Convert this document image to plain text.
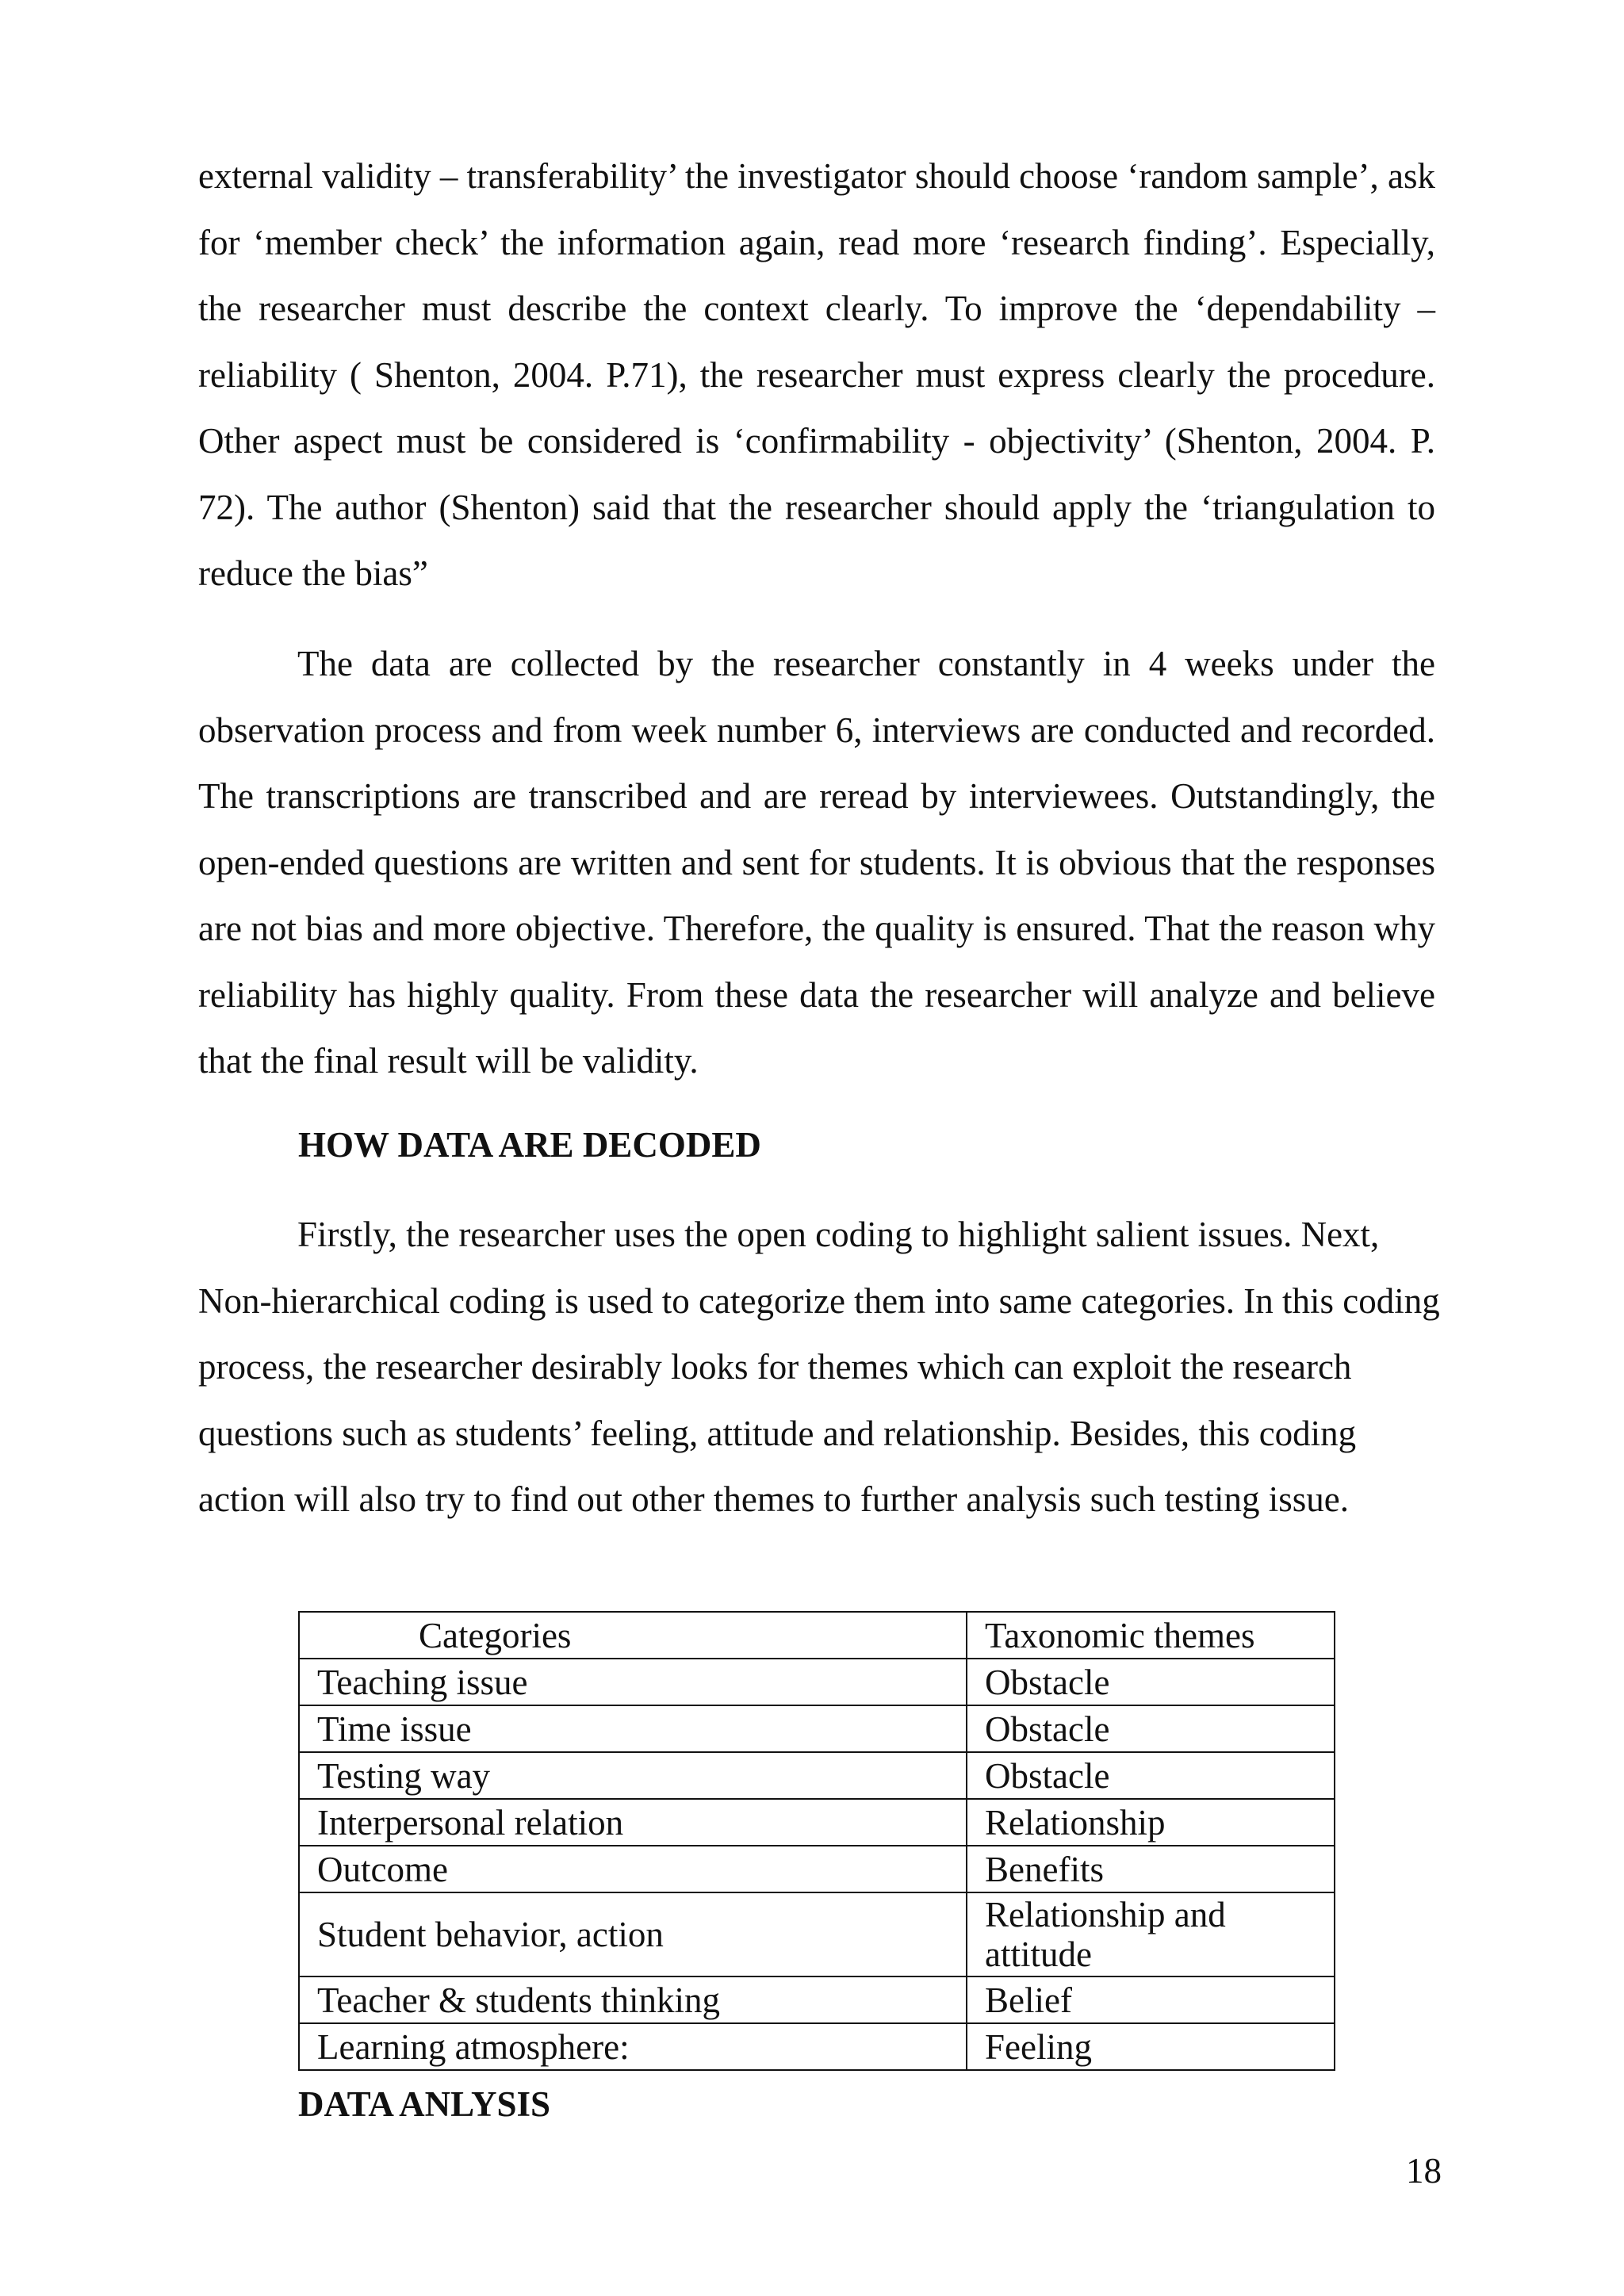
external validity – transferability’ the investigator should choose ‘random sample’, ask for ‘member check’ the information again, read more ‘research finding’. Especially, the researcher must describe the context clearly. To improve the ‘dependability –reliability ( Shenton, 2004. P.71), the researcher must express clearly the procedure. Other aspect must be considered is ‘confirmability - objectivity’ (Shenton, 2004. P. 72). The author (Shenton) said that the researcher should apply the ‘triangulation to reduce the bias”

The data are collected by the researcher constantly in 4 weeks under the observation process and from week number 6, interviews are conducted and recorded. The transcriptions are transcribed and are reread by interviewees. Outstandingly, the open-ended questions are written and sent for students. It is obvious that the responses are not bias and more objective. Therefore, the quality is ensured. That the reason why reliability has highly quality. From these data the researcher will analyze and believe that the final result will be validity.

HOW DATA ARE DECODED

Firstly, the researcher uses the open coding to highlight salient issues. Next, Non-hierarchical coding is used to categorize them into same categories. In this coding process, the researcher desirably looks for themes which can exploit the research questions such as students’ feeling, attitude and relationship. Besides, this coding action will also try to find out other themes to further analysis such testing issue.

Categories	Taxonomic themes
Teaching issue	Obstacle
Time issue	Obstacle
Testing way	Obstacle
Interpersonal relation	Relationship
Outcome	Benefits
Student behavior, action	Relationship and attitude
Teacher & students thinking	Belief
Learning atmosphere:	Feeling
DATA ANLYSIS

18
